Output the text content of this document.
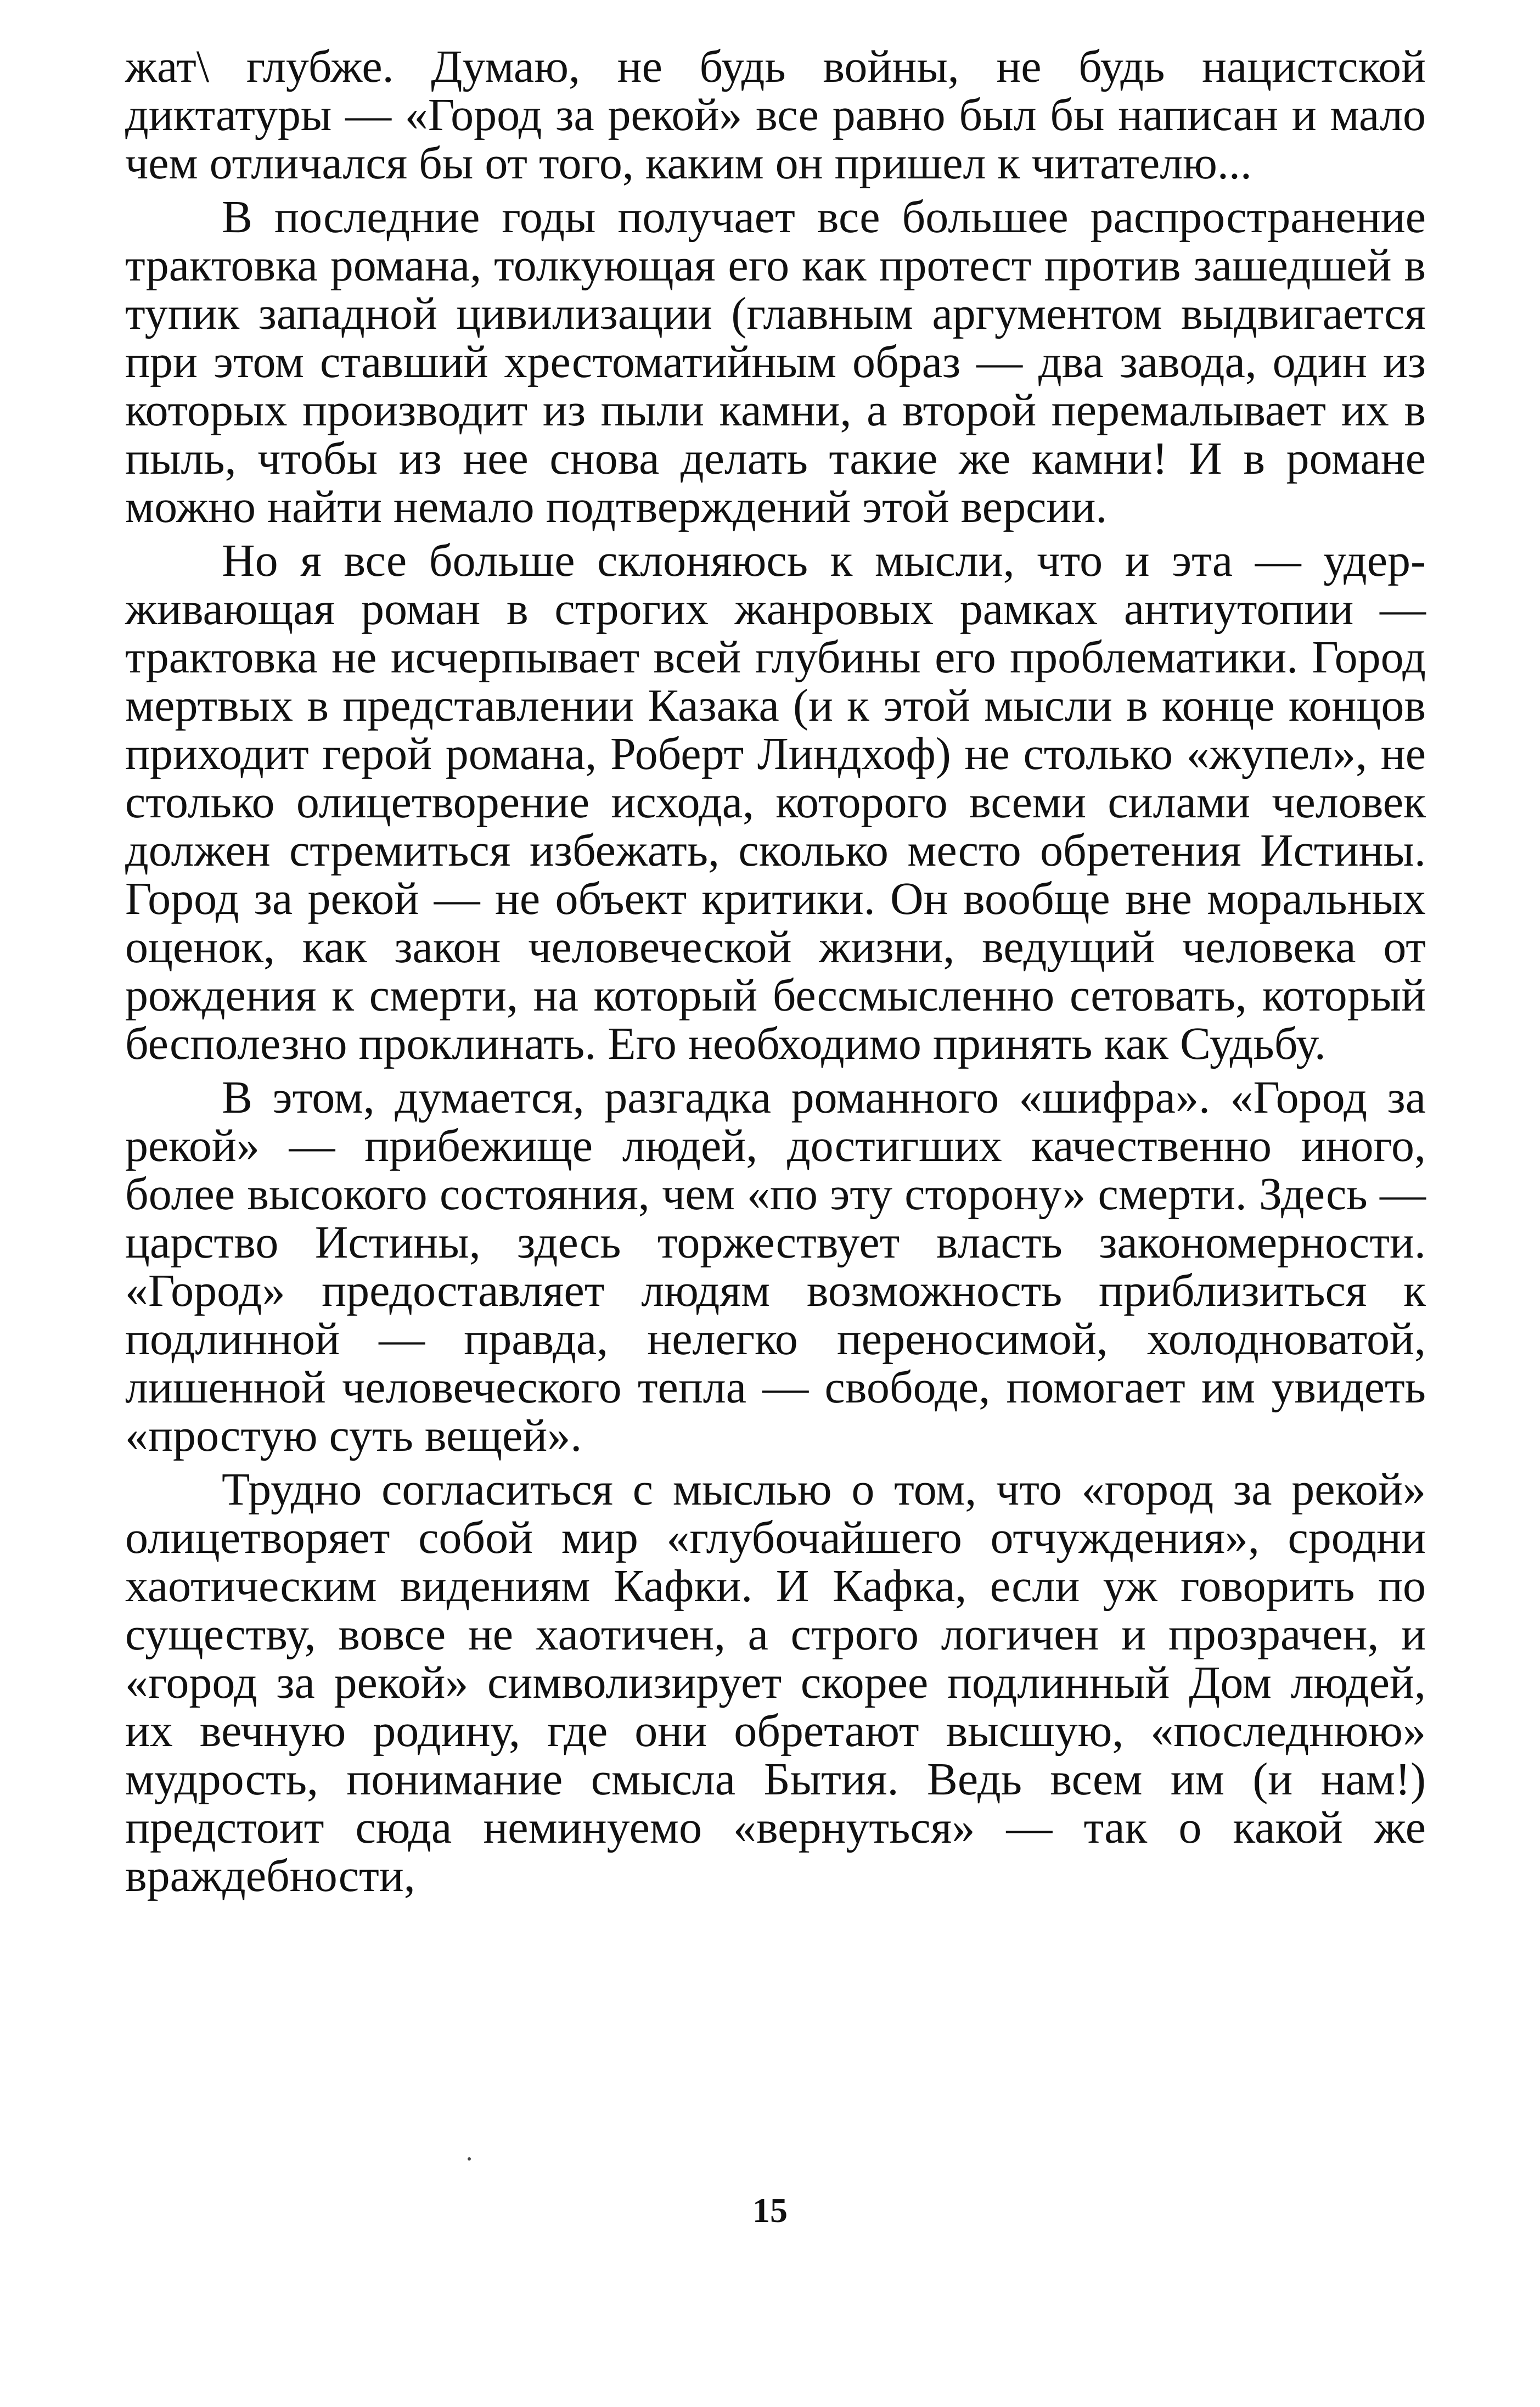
жат\ глубже. Думаю, не будь войны, не будь нацистской диктатуры — «Город за рекой» все равно был бы написан и мало чем отличался бы от того, каким он пришел к читателю...

В последние годы получает все большее распространение трактовка романа, толкующая его как протест против зашедшей в тупик западной цивилизации (главным аргументом выдвигается при этом ставший хрестоматийным образ — два завода, один из которых производит из пыли камни, а второй перемалывает их в пыль, чтобы из нее снова делать такие же камни! И в романе можно найти немало подтверждений этой версии.

Но я все больше склоняюсь к мысли, что и эта — удерживающая роман в строгих жанровых рамках антиутопии — трактовка не исчерпывает всей глубины его проблематики. Город мертвых в представлении Казака (и к этой мысли в конце концов приходит герой романа, Роберт Линдхоф) не столько «жупел», не столько олицетворение исхода, которого всеми силами человек должен стремиться избежать, сколько место обретения Истины. Город за рекой — не объект критики. Он вообще вне моральных оценок, как закон человеческой жизни, ведущий человека от рождения к смерти, на который бессмысленно сетовать, который бесполезно проклинать. Его необходимо принять как Судьбу.

В этом, думается, разгадка романного «шифра». «Город за рекой» — прибежище людей, достигших качественно иного, более высокого состояния, чем «по эту сторону» смерти. Здесь — царство Истины, здесь торжествует власть закономерности. «Город» предоставляет людям возможность приблизиться к подлинной — правда, нелегко переносимой, холодноватой, лишенной человеческого тепла — свободе, помогает им увидеть «простую суть вещей».

Трудно согласиться с мыслью о том, что «город за рекой» олицетворяет собой мир «глубочайшего отчуждения», сродни хаотическим видениям Кафки. И Кафка, если уж говорить по существу, вовсе не хаотичен, а строго логичен и прозрачен, и «город за рекой» символизирует скорее подлинный Дом людей, их вечную родину, где они обретают высшую, «последнюю» мудрость, понимание смысла Бытия. Ведь всем им (и нам!) предстоит сюда неминуемо «вернуться» — так о какой же враждебности,

15
